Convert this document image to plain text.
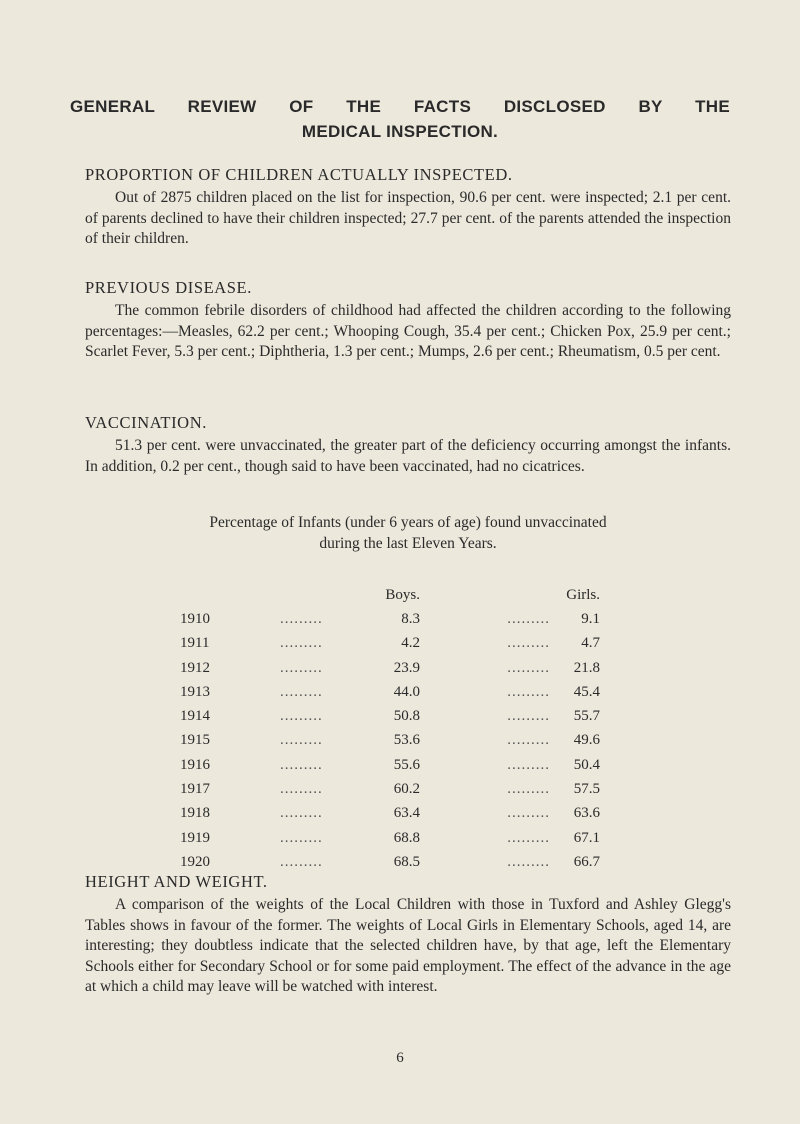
GENERAL REVIEW OF THE FACTS DISCLOSED BY THE
MEDICAL INSPECTION.
PROPORTION OF CHILDREN ACTUALLY INSPECTED.
Out of 2875 children placed on the list for inspection, 90.6 per cent. were inspected; 2.1 per cent. of parents declined to have their children inspected; 27.7 per cent. of the parents attended the inspection of their children.
PREVIOUS DISEASE.
The common febrile disorders of childhood had affected the children according to the following percentages:—Measles, 62.2 per cent.; Whooping Cough, 35.4 per cent.; Chicken Pox, 25.9 per cent.; Scarlet Fever, 5.3 per cent.; Diphtheria, 1.3 per cent.; Mumps, 2.6 per cent.; Rheumatism, 0.5 per cent.
VACCINATION.
51.3 per cent. were unvaccinated, the greater part of the deficiency occurring amongst the infants. In addition, 0.2 per cent., though said to have been vaccinated, had no cicatrices.
Percentage of Infants (under 6 years of age) found unvaccinated
during the last Eleven Years.
		Boys.		Girls.
1910	.........	8.3	.........	9.1
1911	.........	4.2	.........	4.7
1912	.........	23.9	.........	21.8
1913	.........	44.0	.........	45.4
1914	.........	50.8	.........	55.7
1915	.........	53.6	.........	49.6
1916	.........	55.6	.........	50.4
1917	.........	60.2	.........	57.5
1918	.........	63.4	.........	63.6
1919	.........	68.8	.........	67.1
1920	.........	68.5	.........	66.7
HEIGHT AND WEIGHT.
A comparison of the weights of the Local Children with those in Tuxford and Ashley Glegg's Tables shows in favour of the former. The weights of Local Girls in Elementary Schools, aged 14, are interesting; they doubtless indicate that the selected children have, by that age, left the Elementary Schools either for Secondary School or for some paid employment. The effect of the advance in the age at which a child may leave will be watched with interest.
6
